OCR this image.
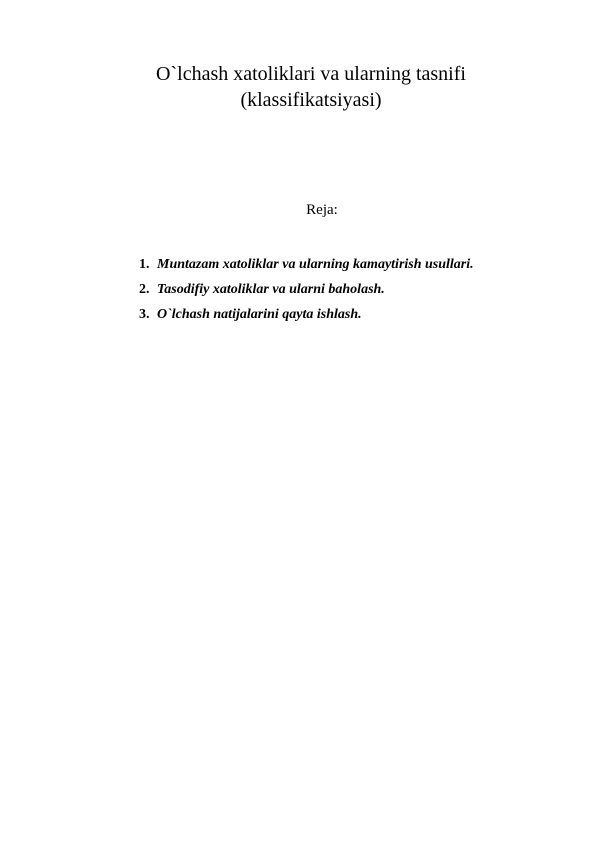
O`lchash xatoliklari va ularning tasnifi
(klassifikatsiyasi)
Reja:
1. Muntazam xatoliklar va ularning kamaytirish usullari.
2. Tasodifiy xatoliklar va ularni baholash.
3. O`lchash natijalarini qayta ishlash.
